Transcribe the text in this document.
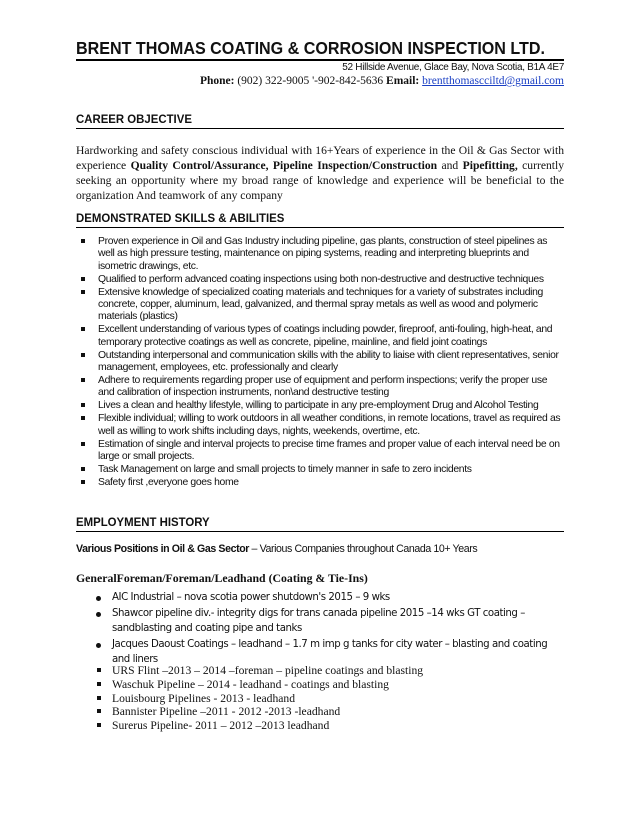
BRENT THOMAS COATING & CORROSION INSPECTION LTD.
52 Hillside Avenue, Glace Bay, Nova Scotia, B1A 4E7
Phone: (902) 322-9005 '-902-842-5636 Email: brentthomascciltd@gmail.com
CAREER OBJECTIVE

Hardworking and safety conscious individual with 16+Years of experience in the Oil & Gas Sector with experience Quality Control/Assurance, Pipeline Inspection/Construction and Pipefitting, currently seeking an opportunity where my broad range of knowledge and experience will be beneficial to the organization And teamwork of any company

DEMONSTRATED SKILLS & ABILITIES
Proven experience in Oil and Gas Industry including pipeline, gas plants, construction of steel pipelines as well as high pressure testing, maintenance on piping systems, reading and interpreting blueprints and isometric drawings, etc.
Qualified to perform advanced coating inspections using both non-destructive and destructive techniques
Extensive knowledge of specialized coating materials and techniques for a variety of substrates including concrete, copper, aluminum, lead, galvanized, and thermal spray metals as well as wood and polymeric materials (plastics)
Excellent understanding of various types of coatings including powder, fireproof, anti-fouling, high-heat, and temporary protective coatings as well as concrete, pipeline, mainline, and field joint coatings
Outstanding interpersonal and communication skills with the ability to liaise with client representatives, senior management, employees, etc. professionally and clearly
Adhere to requirements regarding proper use of equipment and perform inspections; verify the proper use and calibration of inspection instruments, non\and destructive testing
Lives a clean and healthy lifestyle, willing to participate in any pre-employment Drug and Alcohol Testing
Flexible individual; willing to work outdoors in all weather conditions, in remote locations, travel as required as well as willing to work shifts including days, nights, weekends, overtime, etc.
Estimation of single and interval projects to precise time frames and proper value of each interval need be on large or small projects.
Task Management on large and small projects to timely manner in safe to zero incidents
Safety first ,everyone goes home
EMPLOYMENT HISTORY
Various Positions in Oil & Gas Sector – Various Companies throughout Canada 10+ Years
GeneralForeman/Foreman/Leadhand (Coating & Tie-Ins)
AIC Industrial – nova scotia power shutdown's 2015 – 9 wks
Shawcor pipeline div.- integrity digs for trans canada pipeline 2015 –14 wks GT coating – sandblasting and coating pipe and tanks
Jacques Daoust Coatings – leadhand – 1.7 m imp g tanks for city water – blasting and coating and liners
URS Flint –2013 – 2014 –foreman – pipeline coatings and blasting
Waschuk Pipeline – 2014 - leadhand - coatings and blasting
Louisbourg Pipelines - 2013 - leadhand
Bannister Pipeline –2011 - 2012 -2013 -leadhand
Surerus Pipeline- 2011 – 2012 –2013 leadhand
